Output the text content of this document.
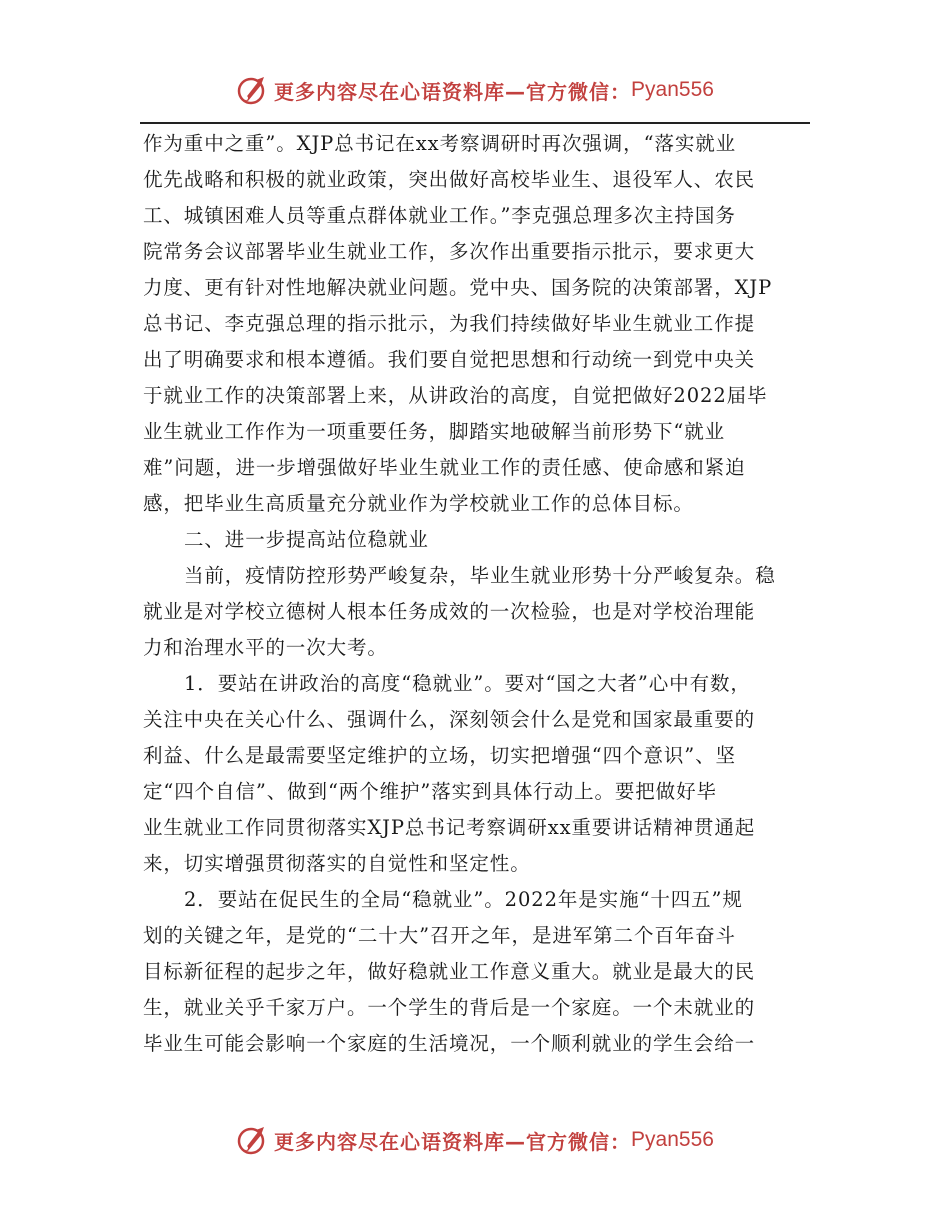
更多内容尽在心语资料库—官方微信： Pyan556
作为重中之重”。XJP总书记在xx考察调研时再次强调，“落实就业
优先战略和积极的就业政策，突出做好高校毕业生、退役军人、农民
工、城镇困难人员等重点群体就业工作。”李克强总理多次主持国务
院常务会议部署毕业生就业工作，多次作出重要指示批示，要求更大
力度、更有针对性地解决就业问题。党中央、国务院的决策部署，XJP
总书记、李克强总理的指示批示，为我们持续做好毕业生就业工作提
出了明确要求和根本遵循。我们要自觉把思想和行动统一到党中央关
于就业工作的决策部署上来，从讲政治的高度，自觉把做好2022届毕
业生就业工作作为一项重要任务，脚踏实地破解当前形势下“就业
难”问题，进一步增强做好毕业生就业工作的责任感、使命感和紧迫
感，把毕业生高质量充分就业作为学校就业工作的总体目标。
二、进一步提高站位稳就业
当前，疫情防控形势严峻复杂，毕业生就业形势十分严峻复杂。稳
就业是对学校立德树人根本任务成效的一次检验，也是对学校治理能
力和治理水平的一次大考。
1．要站在讲政治的高度“稳就业”。要对“国之大者”心中有数，
关注中央在关心什么、强调什么，深刻领会什么是党和国家最重要的
利益、什么是最需要坚定维护的立场，切实把增强“四个意识”、坚
定“四个自信”、做到“两个维护”落实到具体行动上。要把做好毕
业生就业工作同贯彻落实XJP总书记考察调研xx重要讲话精神贯通起
来，切实增强贯彻落实的自觉性和坚定性。
2．要站在促民生的全局“稳就业”。2022年是实施“十四五”规
划的关键之年，是党的“二十大”召开之年，是进军第二个百年奋斗
目标新征程的起步之年，做好稳就业工作意义重大。就业是最大的民
生，就业关乎千家万户。一个学生的背后是一个家庭。一个未就业的
毕业生可能会影响一个家庭的生活境况，一个顺利就业的学生会给一
更多内容尽在心语资料库—官方微信： Pyan556
